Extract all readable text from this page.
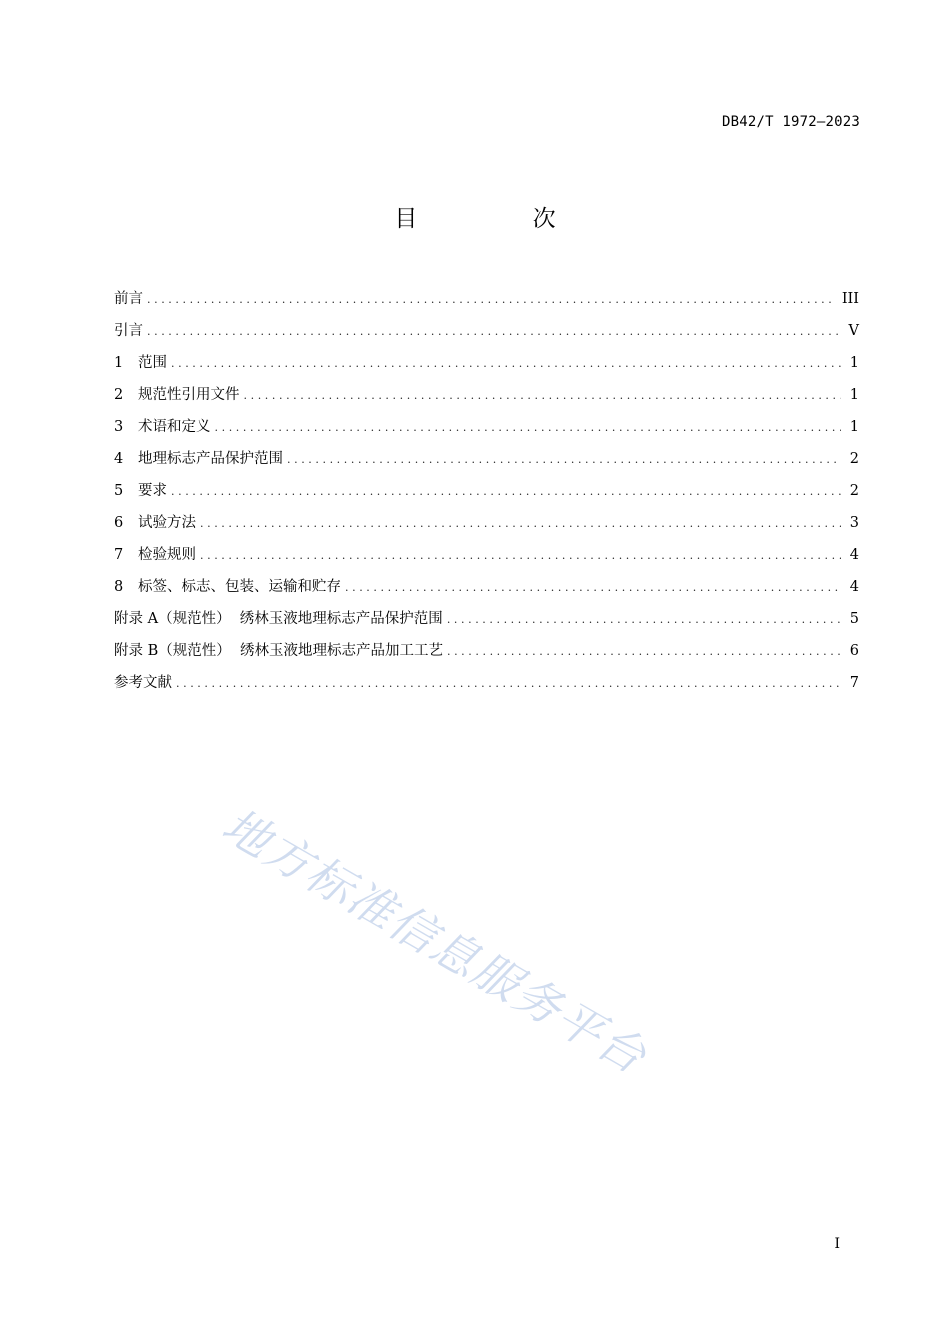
DB42/T 1972—2023
目 次
前言 .....	III
引言 .....	V
1 范围 .....	1
2 规范性引用文件 .....	1
3 术语和定义 .....	1
4 地理标志产品保护范围 .....	2
5 要求 .....	2
6 试验方法 .....	3
7 检验规则 .....	4
8 标签、标志、包装、运输和贮存 .....	4
附录 A（规范性）  绣林玉液地理标志产品保护范围 .....	5
附录 B（规范性）  绣林玉液地理标志产品加工工艺 .....	6
参考文献 .....	7
地方标准信息服务平台
I
